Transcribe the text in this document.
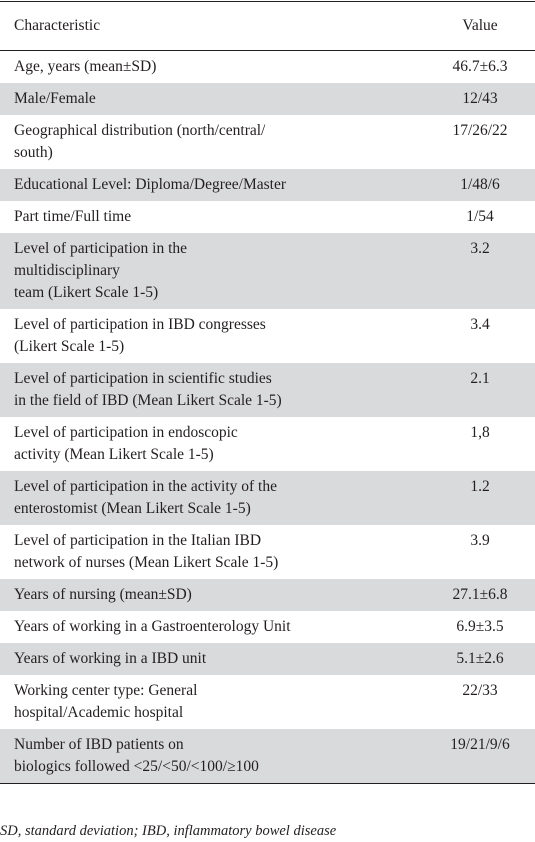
Characteristic	Value
Age, years (mean±SD)	46.7±6.3
Male/Female	12/43
Geographical distribution (north/central/
south)	17/26/22
Educational Level: Diploma/Degree/Master	1/48/6
Part time/Full time	1/54
Level of participation in the
multidisciplinary
team (Likert Scale 1-5)	3.2
Level of participation in IBD congresses
(Likert Scale 1-5)	3.4
Level of participation in scientific studies
in the field of IBD (Mean Likert Scale 1-5)	2.1
Level of participation in endoscopic
activity (Mean Likert Scale 1-5)	1,8
Level of participation in the activity of the
enterostomist (Mean Likert Scale 1-5)	1.2
Level of participation in the Italian IBD
network of nurses (Mean Likert Scale 1-5)	3.9
Years of nursing (mean±SD)	27.1±6.8
Years of working in a Gastroenterology Unit	6.9±3.5
Years of working in a IBD unit	5.1±2.6
Working center type: General
hospital/Academic hospital	22/33
Number of IBD patients on
biologics followed <25/<50/<100/≥100	19/21/9/6
SD, standard deviation; IBD, inflammatory bowel disease
